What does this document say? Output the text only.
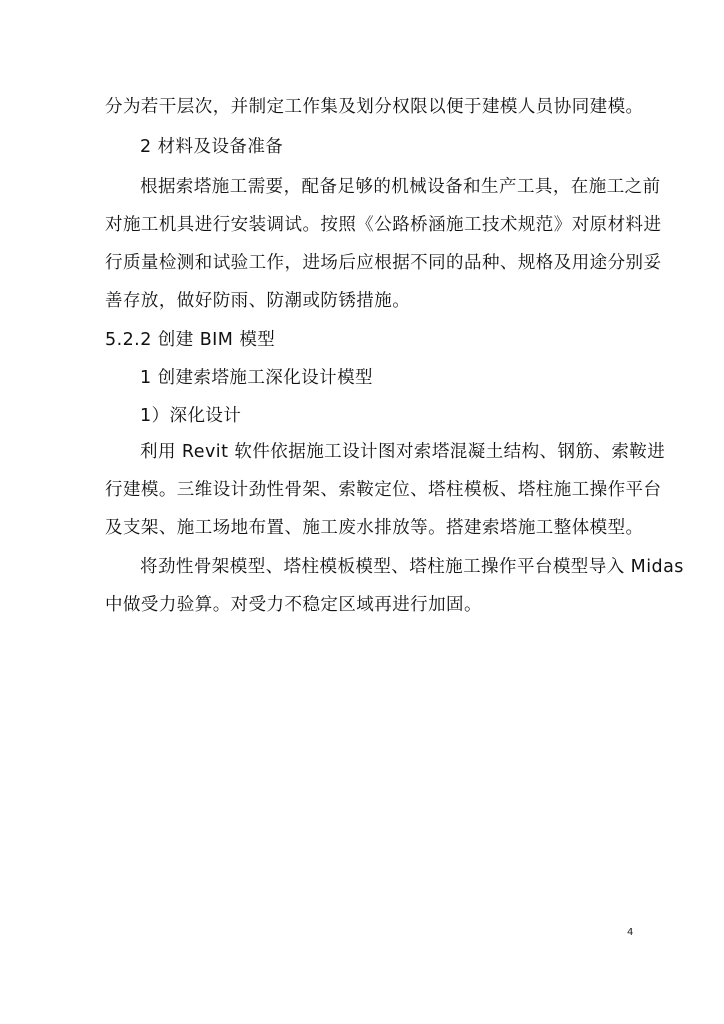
分为若干层次，并制定工作集及划分权限以便于建模人员协同建模。
2 材料及设备准备
根据索塔施工需要，配备足够的机械设备和生产工具，在施工之前
对施工机具进行安装调试。按照《公路桥涵施工技术规范》对原材料进
行质量检测和试验工作，进场后应根据不同的品种、规格及用途分别妥
善存放，做好防雨、防潮或防锈措施。
5.2.2 创建 BIM 模型
1 创建索塔施工深化设计模型
1）深化设计
利用 Revit 软件依据施工设计图对索塔混凝土结构、钢筋、索鞍进
行建模。三维设计劲性骨架、索鞍定位、塔柱模板、塔柱施工操作平台
及支架、施工场地布置、施工废水排放等。搭建索塔施工整体模型。
将劲性骨架模型、塔柱模板模型、塔柱施工操作平台模型导入 Midas
中做受力验算。对受力不稳定区域再进行加固。
4
